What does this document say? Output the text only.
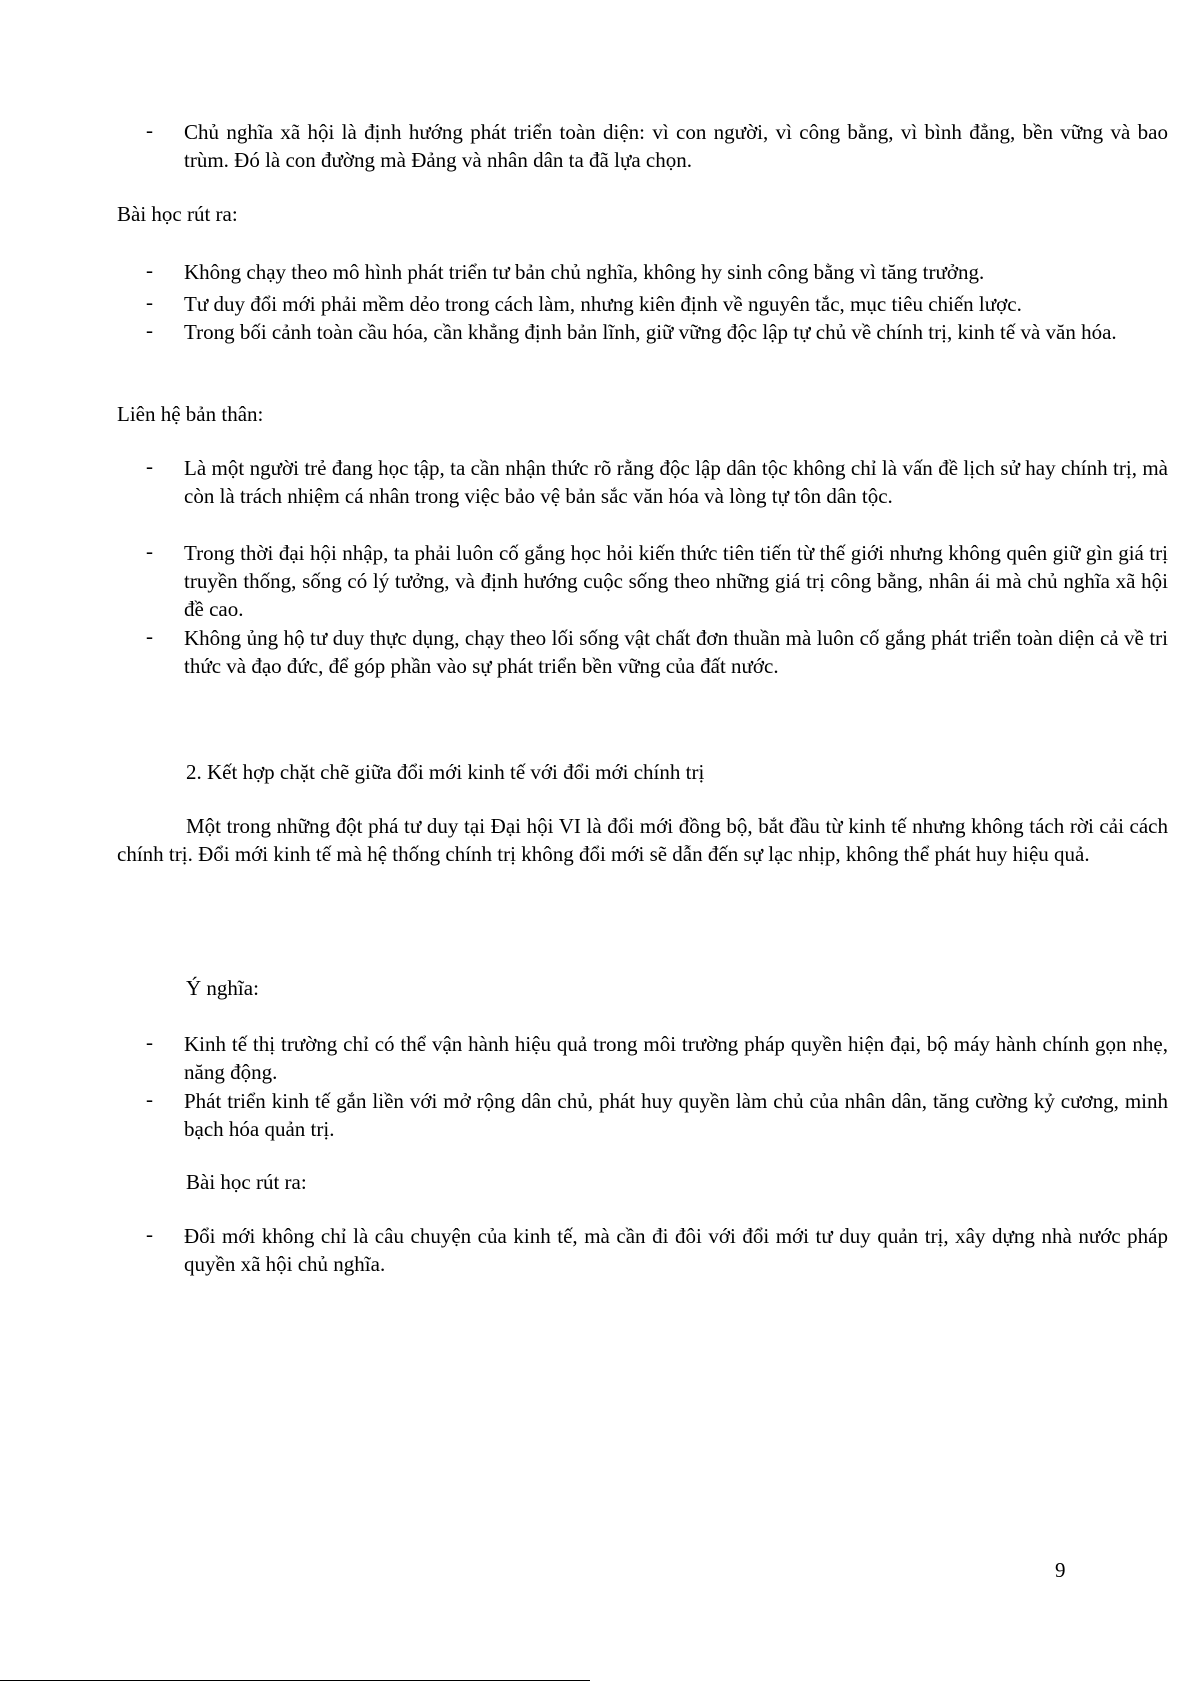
-	Chủ nghĩa xã hội là định hướng phát triển toàn diện: vì con người, vì công bằng, vì bình đẳng, bền vững và bao trùm. Đó là con đường mà Đảng và nhân dân ta đã lựa chọn.
Bài học rút ra:
-	Không chạy theo mô hình phát triển tư bản chủ nghĩa, không hy sinh công bằng vì tăng trưởng.
-	Tư duy đổi mới phải mềm dẻo trong cách làm, nhưng kiên định về nguyên tắc, mục tiêu chiến lược.
-	Trong bối cảnh toàn cầu hóa, cần khẳng định bản lĩnh, giữ vững độc lập tự chủ về chính trị, kinh tế và văn hóa.
Liên hệ bản thân:
-	Là một người trẻ đang học tập, ta cần nhận thức rõ rằng độc lập dân tộc không chỉ là vấn đề lịch sử hay chính trị, mà còn là trách nhiệm cá nhân trong việc bảo vệ bản sắc văn hóa và lòng tự tôn dân tộc.
-	Trong thời đại hội nhập, ta phải luôn cố gắng học hỏi kiến thức tiên tiến từ thế giới nhưng không quên giữ gìn giá trị truyền thống, sống có lý tưởng, và định hướng cuộc sống theo những giá trị công bằng, nhân ái mà chủ nghĩa xã hội đề cao.
-	Không ủng hộ tư duy thực dụng, chạy theo lối sống vật chất đơn thuần mà luôn cố gắng phát triển toàn diện cả về tri thức và đạo đức, để góp phần vào sự phát triển bền vững của đất nước.
2. Kết hợp chặt chẽ giữa đổi mới kinh tế với đổi mới chính trị
Một trong những đột phá tư duy tại Đại hội VI là đổi mới đồng bộ, bắt đầu từ kinh tế nhưng không tách rời cải cách chính trị. Đổi mới kinh tế mà hệ thống chính trị không đổi mới sẽ dẫn đến sự lạc nhịp, không thể phát huy hiệu quả.
Ý nghĩa:
-	Kinh tế thị trường chỉ có thể vận hành hiệu quả trong môi trường pháp quyền hiện đại, bộ máy hành chính gọn nhẹ, năng động.
-	Phát triển kinh tế gắn liền với mở rộng dân chủ, phát huy quyền làm chủ của nhân dân, tăng cường kỷ cương, minh bạch hóa quản trị.
Bài học rút ra:
-	Đổi mới không chỉ là câu chuyện của kinh tế, mà cần đi đôi với đổi mới tư duy quản trị, xây dựng nhà nước pháp quyền xã hội chủ nghĩa.
9
